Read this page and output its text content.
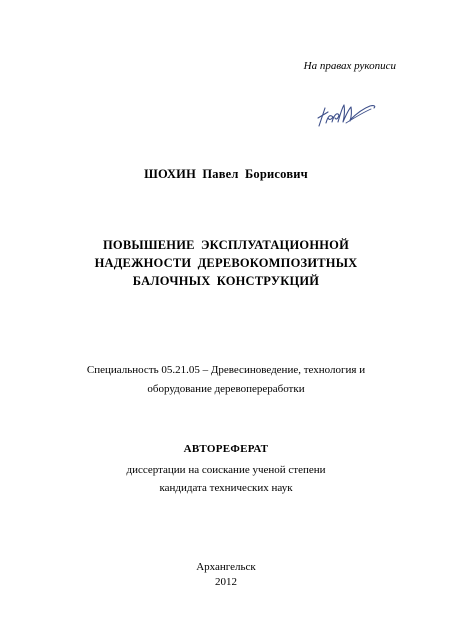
На правах рукописи
ШОХИН Павел Борисович
ПОВЫШЕНИЕ ЭКСПЛУАТАЦИОННОЙ
НАДЕЖНОСТИ ДЕРЕВОКОМПОЗИТНЫХ
БАЛОЧНЫХ КОНСТРУКЦИЙ
Специальность 05.21.05 – Древесиноведение, технология и
оборудование деревопереработки
АВТОРЕФЕРАТ
диссертации на соискание ученой степени
кандидата технических наук
Архангельск
2012
